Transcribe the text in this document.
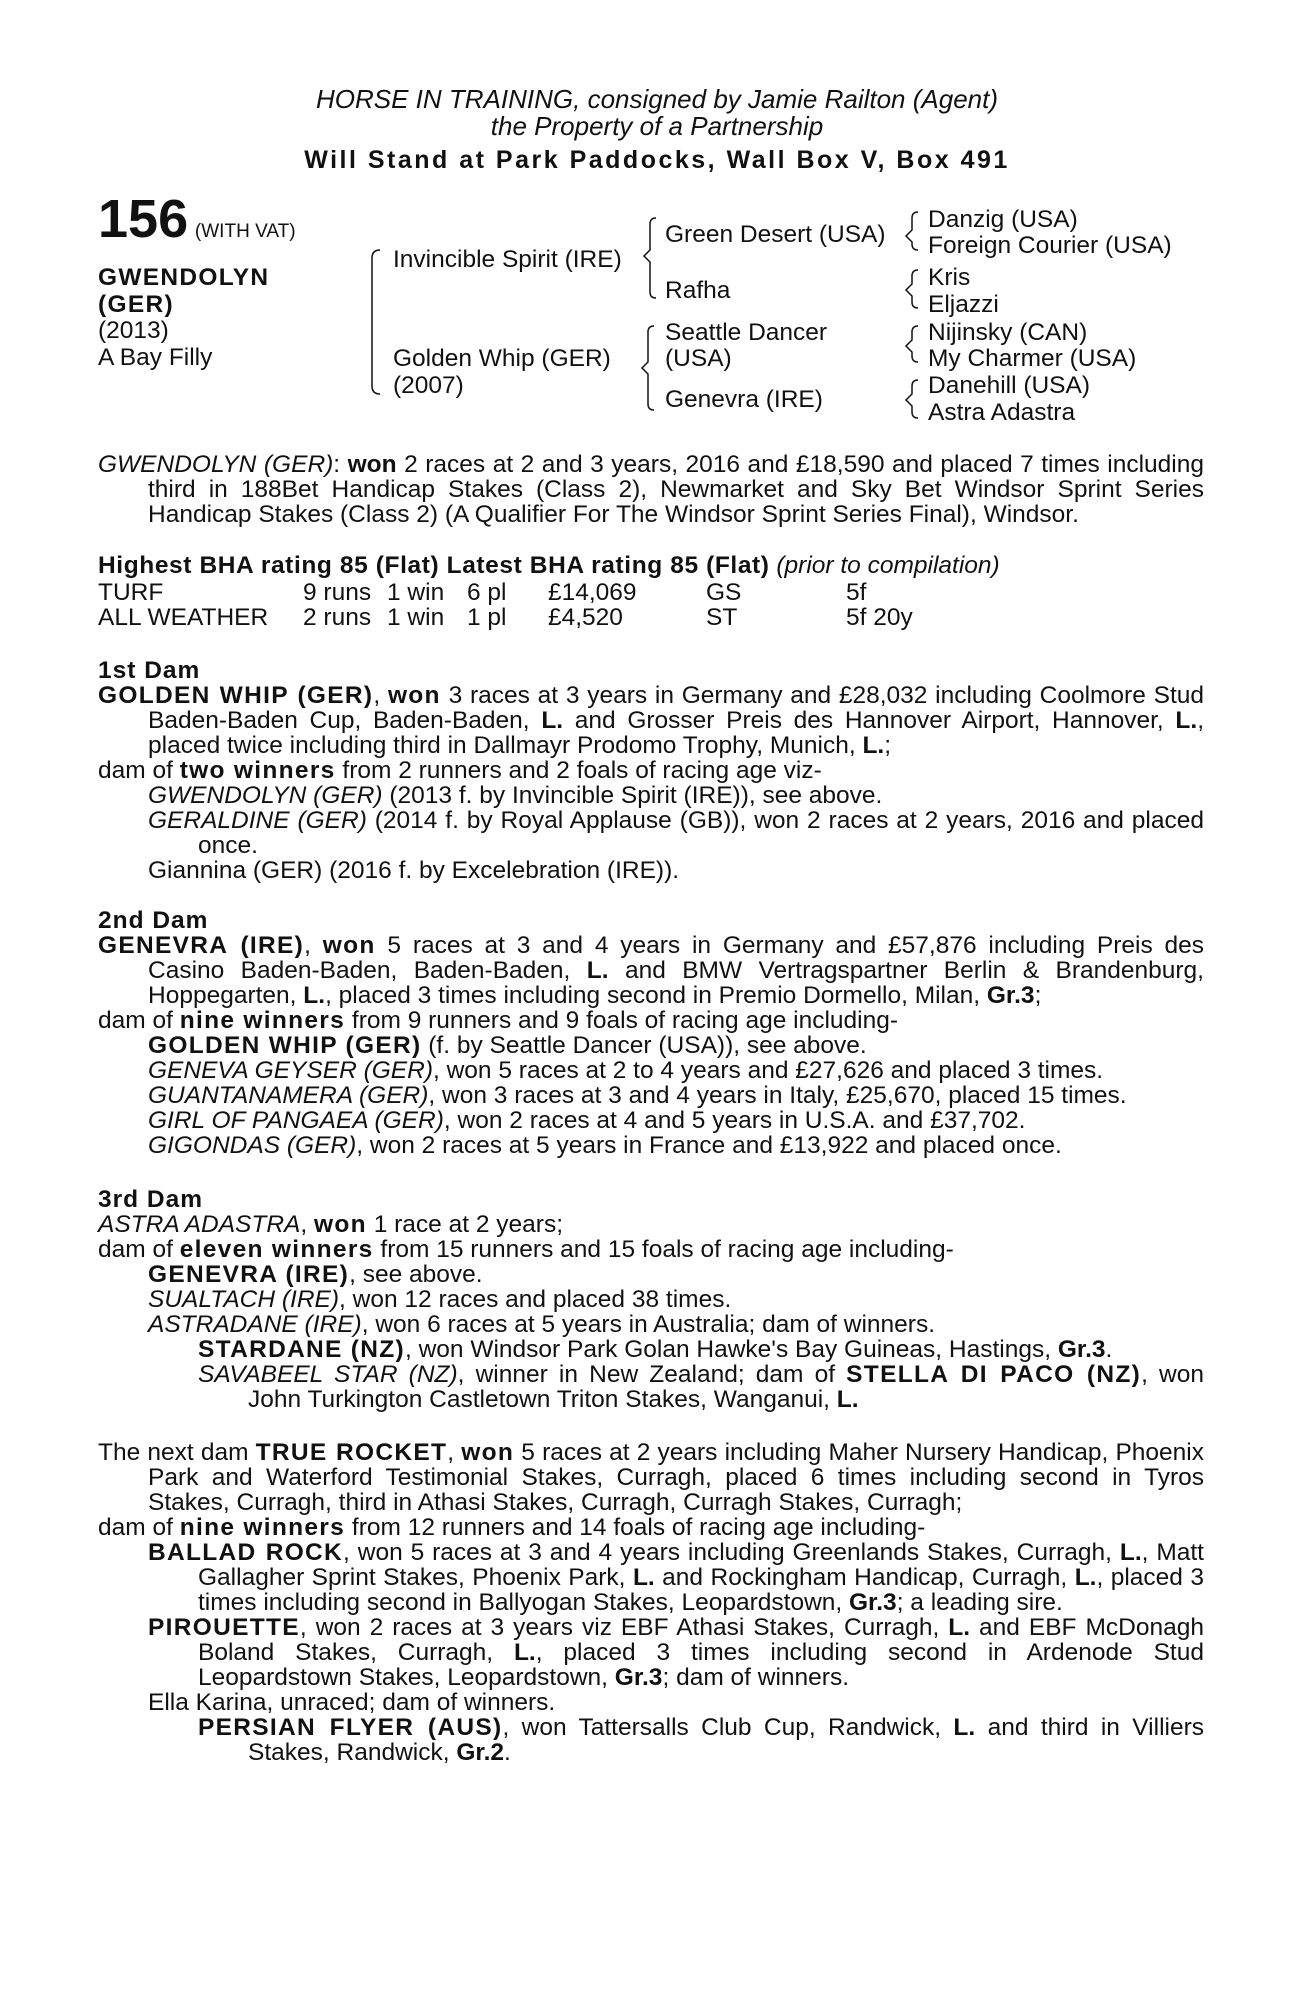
HORSE IN TRAINING, consigned by Jamie Railton (Agent)
the Property of a Partnership
Will Stand at Park Paddocks, Wall Box V, Box 491
156 (WITH VAT)
GWENDOLYN
(GER)
(2013)
A Bay Filly
Invincible Spirit (IRE)
Golden Whip (GER)
(2007)
Green Desert (USA)
Rafha
Seattle Dancer
(USA)
Genevra (IRE)
Danzig (USA)
Foreign Courier (USA)
Kris
Eljazzi
Nijinsky (CAN)
My Charmer (USA)
Danehill (USA)
Astra Adastra

GWENDOLYN (GER): won 2 races at 2 and 3 years, 2016 and £18,590 and placed 7 times including third in 188Bet Handicap Stakes (Class 2), Newmarket and Sky Bet Windsor Sprint Series Handicap Stakes (Class 2) (A Qualifier For The Windsor Sprint Series Final), Windsor.

Highest BHA rating 85 (Flat) Latest BHA rating 85 (Flat) (prior to compilation)
TURF	9 runs 1 win 6 pl £14,069	GS	5f
ALL WEATHER 2 runs 1 win 1 pl £4,520	ST	5f 20y
1st Dam

GOLDEN WHIP (GER), won 3 races at 3 years in Germany and £28,032 including Coolmore Stud Baden-Baden Cup, Baden-Baden, L. and Grosser Preis des Hannover Airport, Hannover, L., placed twice including third in Dallmayr Prodomo Trophy, Munich, L.;

dam of two winners from 2 runners and 2 foals of racing age viz-

GWENDOLYN (GER) (2013 f. by Invincible Spirit (IRE)), see above.

GERALDINE (GER) (2014 f. by Royal Applause (GB)), won 2 races at 2 years, 2016 and placed once.

Giannina (GER) (2016 f. by Excelebration (IRE)).

2nd Dam

GENEVRA (IRE), won 5 races at 3 and 4 years in Germany and £57,876 including Preis des Casino Baden-Baden, Baden-Baden, L. and BMW Vertragspartner Berlin & Brandenburg, Hoppegarten, L., placed 3 times including second in Premio Dormello, Milan, Gr.3;

dam of nine winners from 9 runners and 9 foals of racing age including-

GOLDEN WHIP (GER) (f. by Seattle Dancer (USA)), see above.

GENEVA GEYSER (GER), won 5 races at 2 to 4 years and £27,626 and placed 3 times.

GUANTANAMERA (GER), won 3 races at 3 and 4 years in Italy, £25,670, placed 15 times.

GIRL OF PANGAEA (GER), won 2 races at 4 and 5 years in U.S.A. and £37,702.

GIGONDAS (GER), won 2 races at 5 years in France and £13,922 and placed once.

3rd Dam

ASTRA ADASTRA, won 1 race at 2 years;

dam of eleven winners from 15 runners and 15 foals of racing age including-

GENEVRA (IRE), see above.

SUALTACH (IRE), won 12 races and placed 38 times.

ASTRADANE (IRE), won 6 races at 5 years in Australia; dam of winners.

STARDANE (NZ), won Windsor Park Golan Hawke's Bay Guineas, Hastings, Gr.3.

SAVABEEL STAR (NZ), winner in New Zealand; dam of STELLA DI PACO (NZ), won John Turkington Castletown Triton Stakes, Wanganui, L.

The next dam TRUE ROCKET, won 5 races at 2 years including Maher Nursery Handicap, Phoenix Park and Waterford Testimonial Stakes, Curragh, placed 6 times including second in Tyros Stakes, Curragh, third in Athasi Stakes, Curragh, Curragh Stakes, Curragh;

dam of nine winners from 12 runners and 14 foals of racing age including-

BALLAD ROCK, won 5 races at 3 and 4 years including Greenlands Stakes, Curragh, L., Matt Gallagher Sprint Stakes, Phoenix Park, L. and Rockingham Handicap, Curragh, L., placed 3 times including second in Ballyogan Stakes, Leopardstown, Gr.3; a leading sire.

PIROUETTE, won 2 races at 3 years viz EBF Athasi Stakes, Curragh, L. and EBF McDonagh Boland Stakes, Curragh, L., placed 3 times including second in Ardenode Stud Leopardstown Stakes, Leopardstown, Gr.3; dam of winners.

Ella Karina, unraced; dam of winners.

PERSIAN FLYER (AUS), won Tattersalls Club Cup, Randwick, L. and third in Villiers Stakes, Randwick, Gr.2.
